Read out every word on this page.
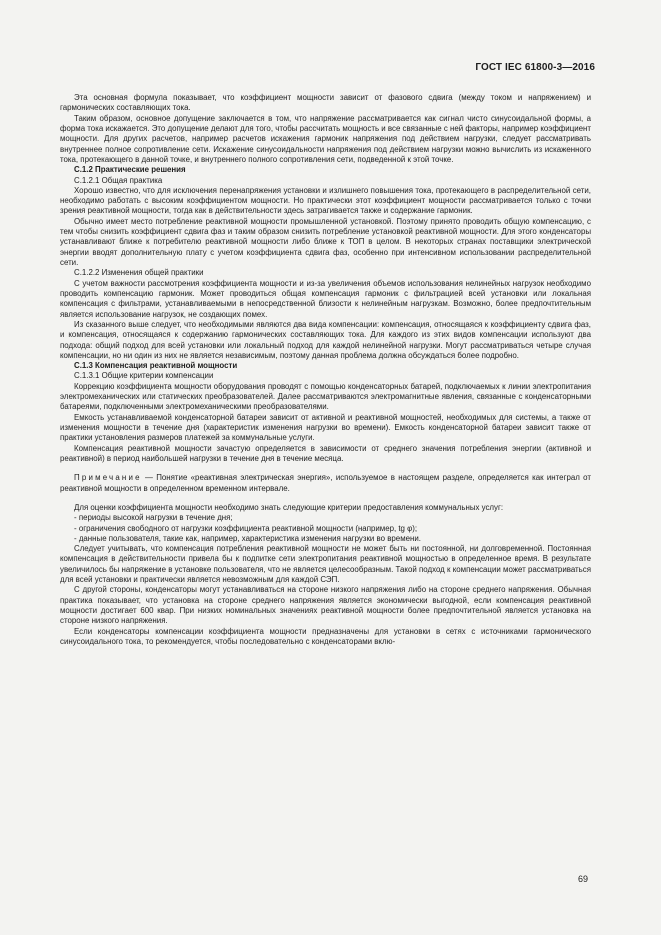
ГОСТ IEC 61800-3—2016

Эта основная формула показывает, что коэффициент мощности зависит от фазового сдвига (между током и напряжением) и гармонических составляющих тока.

Таким образом, основное допущение заключается в том, что напряжение рассматривается как сигнал чисто синусоидальной формы, а форма тока искажается. Это допущение делают для того, чтобы рассчитать мощность и все связанные с ней факторы, например коэффициент мощности. Для других расчетов, например расчетов искажения гармоник напряжения под действием нагрузки, следует рассматривать внутреннее полное сопротивление сети. Искажение синусоидальности напряжения под действием нагрузки можно вычислить из искаженного тока, протекающего в данной точке, и внутреннего полного сопротивления сети, подведенной к этой точке.

С.1.2 Практические решения

С.1.2.1 Общая практика

Хорошо известно, что для исключения перенапряжения установки и излишнего повышения тока, протекающего в распределительной сети, необходимо работать с высоким коэффициентом мощности. Но практически этот коэффициент мощности рассматривается только с точки зрения реактивной мощности, тогда как в действительности здесь затрагивается также и содержание гармоник.

Обычно имеет место потребление реактивной мощности промышленной установкой. Поэтому принято проводить общую компенсацию, с тем чтобы снизить коэффициент сдвига фаз и таким образом снизить потребление установкой реактивной мощности. Для этого конденсаторы устанавливают ближе к потребителю реактивной мощности либо ближе к ТОП в целом. В некоторых странах поставщики электрической энергии вводят дополнительную плату с учетом коэффициента сдвига фаз, особенно при интенсивном использовании распределительной сети.

С.1.2.2 Изменения общей практики

С учетом важности рассмотрения коэффициента мощности и из-за увеличения объемов использования нелинейных нагрузок необходимо проводить компенсацию гармоник. Может проводиться общая компенсация гармоник с фильтрацией всей установки или локальная компенсация с фильтрами, устанавливаемыми в непосредственной близости к нелинейным нагрузкам. Возможно, более предпочтительным является использование нагрузок, не создающих помех.

Из сказанного выше следует, что необходимыми являются два вида компенсации: компенсация, относящаяся к коэффициенту сдвига фаз, и компенсация, относящаяся к содержанию гармонических составляющих тока. Для каждого из этих видов компенсации используют два подхода: общий подход для всей установки или локальный подход для каждой нелинейной нагрузки. Могут рассматриваться четыре случая компенсации, но ни один из них не является независимым, поэтому данная проблема должна обсуждаться более подробно.

С.1.3 Компенсация реактивной мощности

С.1.3.1 Общие критерии компенсации

Коррекцию коэффициента мощности оборудования проводят с помощью конденсаторных батарей, подключаемых к линии электропитания электромеханических или статических преобразователей. Далее рассматриваются электромагнитные явления, связанные с конденсаторными батареями, подключенными электромеханическими преобразователями.

Емкость устанавливаемой конденсаторной батареи зависит от активной и реактивной мощностей, необходимых для системы, а также от изменения мощности в течение дня (характеристик изменения нагрузки во времени). Емкость конденсаторной батареи зависит также от практики установления размеров платежей за коммунальные услуги.

Компенсация реактивной мощности зачастую определяется в зависимости от среднего значения потребления энергии (активной и реактивной) в период наибольшей нагрузки в течение дня в течение месяца.

Примечание — Понятие «реактивная электрическая энергия», используемое в настоящем разделе, определяется как интеграл от реактивной мощности в определенном временном интервале.

Для оценки коэффициента мощности необходимо знать следующие критерии предоставления коммунальных услуг:

- периоды высокой нагрузки в течение дня;

- ограничения свободного от нагрузки коэффициента реактивной мощности (например, tg φ);

- данные пользователя, такие как, например, характеристика изменения нагрузки во времени.

Следует учитывать, что компенсация потребления реактивной мощности не может быть ни постоянной, ни долговременной. Постоянная компенсация в действительности привела бы к подпитке сети электропитания реактивной мощностью в определенное время. В результате увеличилось бы напряжение в установке пользователя, что не является целесообразным. Такой подход к компенсации может рассматриваться для всей установки и практически является невозможным для каждой СЭП.

С другой стороны, конденсаторы могут устанавливаться на стороне низкого напряжения либо на стороне среднего напряжения. Обычная практика показывает, что установка на стороне среднего напряжения является экономически выгодной, если компенсация реактивной мощности достигает 600 квар. При низких номинальных значениях реактивной мощности более предпочтительной является установка на стороне низкого напряжения.

Если конденсаторы компенсации коэффициента мощности предназначены для установки в сетях с источниками гармонического синусоидального тока, то рекомендуется, чтобы последовательно с конденсаторами вклю-

69
